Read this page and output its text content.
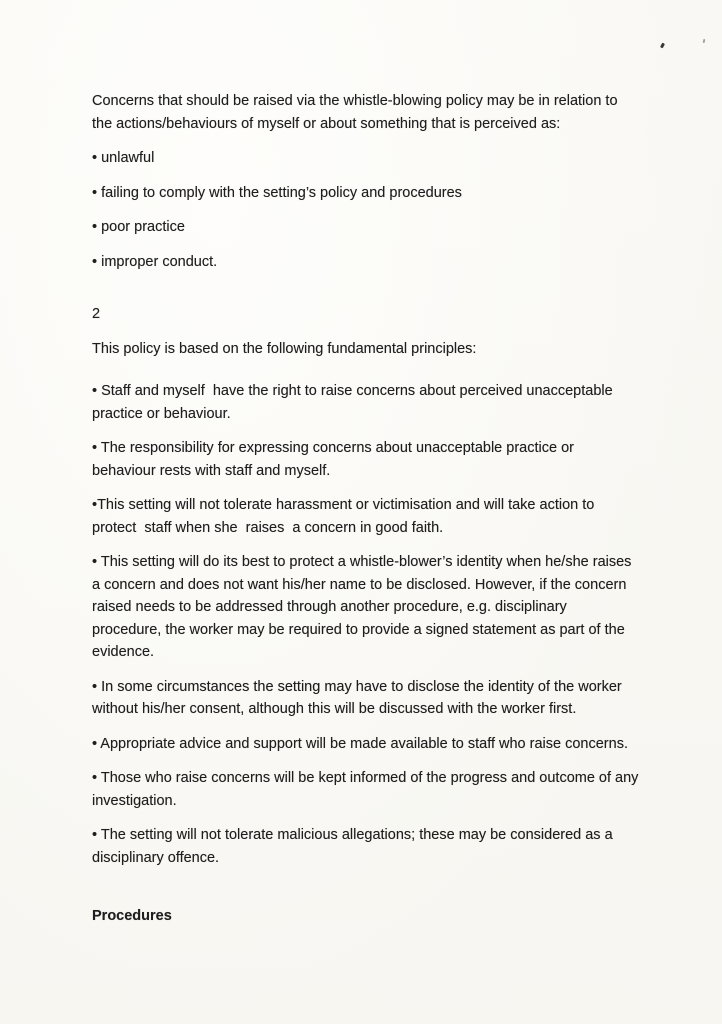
Concerns that should be raised via the whistle-blowing policy may be in relation to the actions/behaviours of myself or about something that is perceived as:

• unlawful

• failing to comply with the setting’s policy and procedures

• poor practice

• improper conduct.

2

This policy is based on the following fundamental principles:

• Staff and myself  have the right to raise concerns about perceived unacceptable practice or behaviour.

• The responsibility for expressing concerns about unacceptable practice or behaviour rests with staff and myself.

•This setting will not tolerate harassment or victimisation and will take action to protect  staff when she  raises  a concern in good faith.

• This setting will do its best to protect a whistle-blower’s identity when he/she raises a concern and does not want his/her name to be disclosed. However, if the concern raised needs to be addressed through another procedure, e.g. disciplinary procedure, the worker may be required to provide a signed statement as part of the evidence.

• In some circumstances the setting may have to disclose the identity of the worker without his/her consent, although this will be discussed with the worker first.

• Appropriate advice and support will be made available to staff who raise concerns.

• Those who raise concerns will be kept informed of the progress and outcome of any investigation.

• The setting will not tolerate malicious allegations; these may be considered as a disciplinary offence.

Procedures
